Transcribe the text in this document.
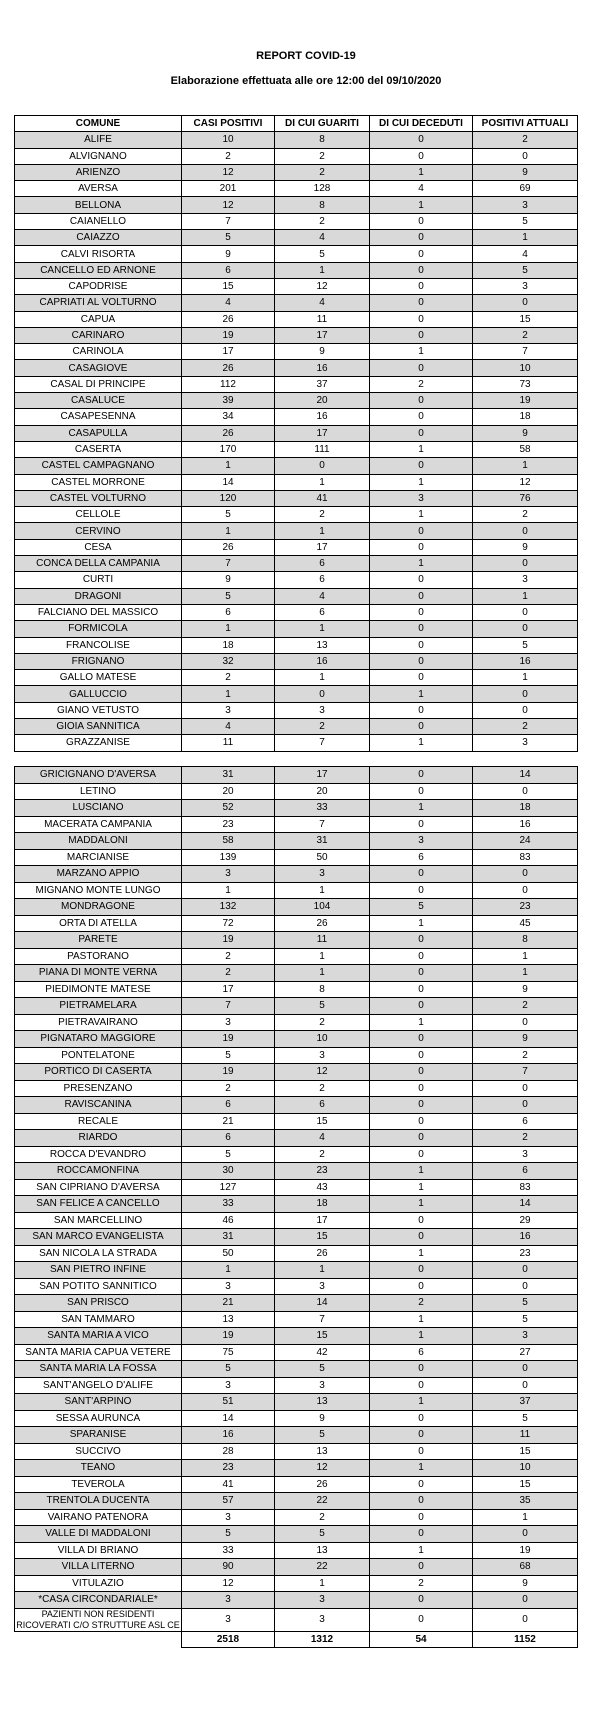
REPORT COVID-19
Elaborazione effettuata alle ore 12:00 del 09/10/2020
COMUNE	CASI POSITIVI	DI CUI GUARITI	DI CUI DECEDUTI	POSITIVI ATTUALI
ALIFE	10	8	0	2
ALVIGNANO	2	2	0	0
ARIENZO	12	2	1	9
AVERSA	201	128	4	69
BELLONA	12	8	1	3
CAIANELLO	7	2	0	5
CAIAZZO	5	4	0	1
CALVI RISORTA	9	5	0	4
CANCELLO ED ARNONE	6	1	0	5
CAPODRISE	15	12	0	3
CAPRIATI AL VOLTURNO	4	4	0	0
CAPUA	26	11	0	15
CARINARO	19	17	0	2
CARINOLA	17	9	1	7
CASAGIOVE	26	16	0	10
CASAL DI PRINCIPE	112	37	2	73
CASALUCE	39	20	0	19
CASAPESENNA	34	16	0	18
CASAPULLA	26	17	0	9
CASERTA	170	111	1	58
CASTEL CAMPAGNANO	1	0	0	1
CASTEL MORRONE	14	1	1	12
CASTEL VOLTURNO	120	41	3	76
CELLOLE	5	2	1	2
CERVINO	1	1	0	0
CESA	26	17	0	9
CONCA DELLA CAMPANIA	7	6	1	0
CURTI	9	6	0	3
DRAGONI	5	4	0	1
FALCIANO DEL MASSICO	6	6	0	0
FORMICOLA	1	1	0	0
FRANCOLISE	18	13	0	5
FRIGNANO	32	16	0	16
GALLO MATESE	2	1	0	1
GALLUCCIO	1	0	1	0
GIANO VETUSTO	3	3	0	0
GIOIA SANNITICA	4	2	0	2
GRAZZANISE	11	7	1	3
GRICIGNANO D'AVERSA	31	17	0	14
LETINO	20	20	0	0
LUSCIANO	52	33	1	18
MACERATA CAMPANIA	23	7	0	16
MADDALONI	58	31	3	24
MARCIANISE	139	50	6	83
MARZANO APPIO	3	3	0	0
MIGNANO MONTE LUNGO	1	1	0	0
MONDRAGONE	132	104	5	23
ORTA DI ATELLA	72	26	1	45
PARETE	19	11	0	8
PASTORANO	2	1	0	1
PIANA DI MONTE VERNA	2	1	0	1
PIEDIMONTE MATESE	17	8	0	9
PIETRAMELARA	7	5	0	2
PIETRAVAIRANO	3	2	1	0
PIGNATARO MAGGIORE	19	10	0	9
PONTELATONE	5	3	0	2
PORTICO DI CASERTA	19	12	0	7
PRESENZANO	2	2	0	0
RAVISCANINA	6	6	0	0
RECALE	21	15	0	6
RIARDO	6	4	0	2
ROCCA D'EVANDRO	5	2	0	3
ROCCAMONFINA	30	23	1	6
SAN CIPRIANO D'AVERSA	127	43	1	83
SAN FELICE A CANCELLO	33	18	1	14
SAN MARCELLINO	46	17	0	29
SAN MARCO EVANGELISTA	31	15	0	16
SAN NICOLA LA STRADA	50	26	1	23
SAN PIETRO INFINE	1	1	0	0
SAN POTITO SANNITICO	3	3	0	0
SAN PRISCO	21	14	2	5
SAN TAMMARO	13	7	1	5
SANTA MARIA A VICO	19	15	1	3
SANTA MARIA CAPUA VETERE	75	42	6	27
SANTA MARIA LA FOSSA	5	5	0	0
SANT'ANGELO D'ALIFE	3	3	0	0
SANT'ARPINO	51	13	1	37
SESSA AURUNCA	14	9	0	5
SPARANISE	16	5	0	11
SUCCIVO	28	13	0	15
TEANO	23	12	1	10
TEVEROLA	41	26	0	15
TRENTOLA DUCENTA	57	22	0	35
VAIRANO PATENORA	3	2	0	1
VALLE DI MADDALONI	5	5	0	0
VILLA DI BRIANO	33	13	1	19
VILLA LITERNO	90	22	0	68
VITULAZIO	12	1	2	9
*CASA CIRCONDARIALE*	3	3	0	0
PAZIENTI NON RESIDENTI RICOVERATI C/O STRUTTURE ASL CE	3	3	0	0
	2518	1312	54	1152
